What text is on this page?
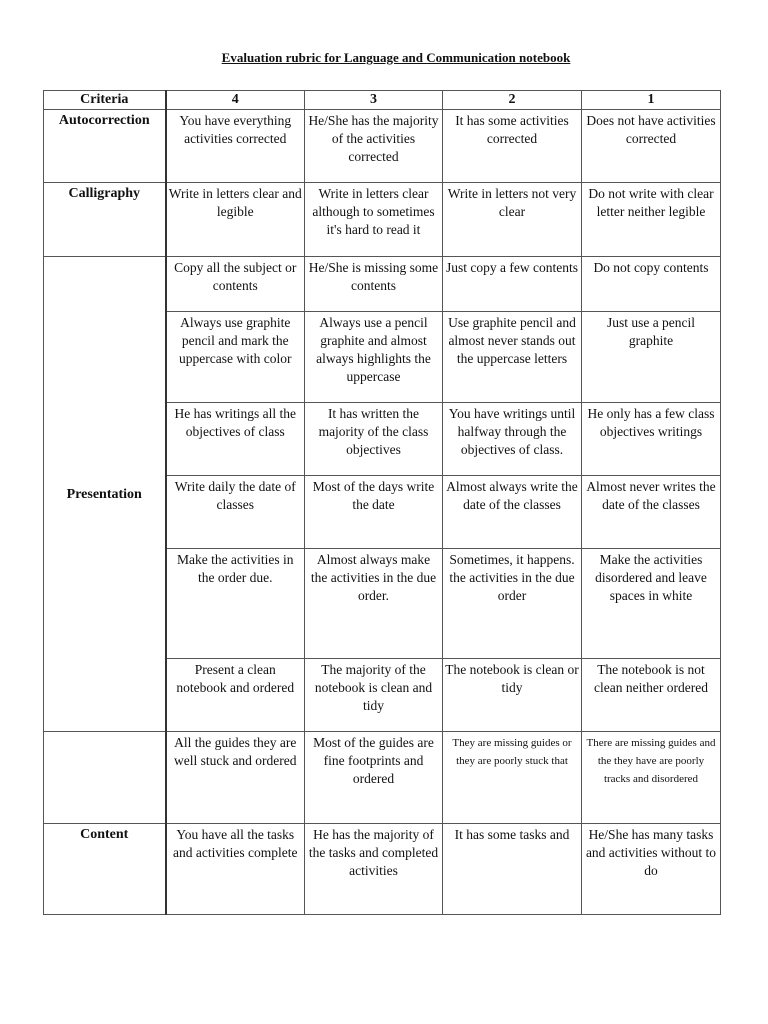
Evaluation rubric for Language and Communication notebook
Criteria	4	3	2	1
Autocorrection	You have everything activities corrected	He/She has the majority of the activities corrected	It has some activities corrected	Does not have activities corrected
Calligraphy	Write in letters clear and legible	Write in letters clear although to sometimes it's hard to read it	Write in letters not very clear	Do not write with clear letter neither legible
Presentation	Copy all the subject or contents	He/She is missing some contents	Just copy a few contents	Do not copy contents
	Always use graphite pencil and mark the uppercase with color	Always use a pencil graphite and almost always highlights the uppercase	Use graphite pencil and almost never stands out the uppercase letters	Just use a pencil graphite
	He has writings all the objectives of class	It has written the majority of the class objectives	You have writings until halfway through the objectives of class.	He only has a few class objectives writings
	Write daily the date of classes	Most of the days write the date	Almost always write the date of the classes	Almost never writes the date of the classes
	Make the activities in the order due.	Almost always make the activities in the due order.	Sometimes, it happens. the activities in the due order	Make the activities disordered and leave spaces in white
	Present a clean notebook and ordered	The majority of the notebook is clean and tidy	The notebook is clean or tidy	The notebook is not clean neither ordered
	All the guides they are well stuck and ordered	Most of the guides are fine footprints and ordered	They are missing guides or they are poorly stuck that	There are missing guides and the they have are poorly tracks and disordered
Content	You have all the tasks and activities complete	He has the majority of the tasks and completed activities	It has some tasks and	He/She has many tasks and activities without to do
